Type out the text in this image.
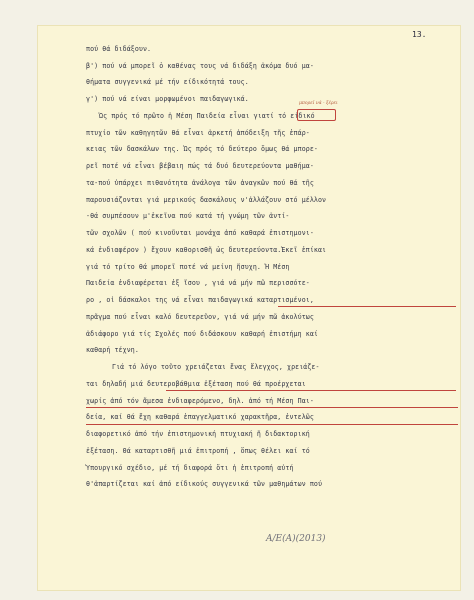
13.
πού θά διδάξουν.
β') πού νά μπορεῖ ὁ καθένας τους νά διδάξη ἀκόμα δυό μα-
θήματα συγγενικά μέ τήν είδικότητά τους.
γ') πού νά είναι μορφωμένοι παιδαγωγικά.
Ὡς πρός τό πρῶτο ἡ Μέση Παιδεία εἶναι γιατί τό είδικό
πτυχίο τῶν καθηγητῶν θά εἶναι ἀρκετή ἀπόδειξη τῆς ἐπάρ-
κειας τῶν δασκάλων της. Ὡς πρός τό δεύτερο ὅμως θά μπορε-
ρεῖ ποτέ νά εἶναι βέβαιη πώς τά δυό δευτερεύοντα μαθήμα-
τα-πού ὑπάρχει πιθανότητα ἀνάλογα τῶν ἀναγκῶν πού θά τῆς
παρουσιάζονται γιά μερικούς δασκάλους ν'ἀλλάζουν στό μέλλον
-θά συμπέσουν μ'ἐκεῖνα πού κατά τή γνώμη τῶν ἀντί-
τῶν σχολῶν ( πού κινοῦνται μονάχα ἀπό καθαρά ἐπιστημονι-
κά ἐνδιαφέρον ) ἔχουν καθορισθῆ ὡς δευτερεύοντα.Ἐκεῖ ἐπίκαι
γιά τό τρίτο θά μπορεῖ ποτέ νά μείνη ἥσυχη. Ἡ Μέση
Παιδεία ἐνδιαφέρεται ἐξ ἴσου , γιά νά μήν πῶ περισσότε-
ρο , οἱ δάσκαλοι της νά εἶναι παιδαγωγικά καταρτισμένοι,
πρᾶγμα πού εἶναι καλό δευτερεῦον, γιά νά μήν πῶ ἀκολύτως
ἀδιάφορο γιά τίς Σχολές πού διδάσκουν καθαρή ἐπιστήμη καί
καθαρή τέχνη.
Γιά τό λόγο τοῦτο χρειάζεται ἕνας ἔλεγχος, χρειάζε-
ται δηλαδή μιά δευτεροβάθμια ἐξέταση πού θά προέρχεται
χωρίς ἀπό τόν ἄμεσα ἐνδιαφερόμενο, δηλ. ἀπό τή Μέση Παι-
δεία, καί θά ἔχη καθαρά ἐπαγγελματικό χαρακτῆρα, ἐντελῶς
διαφορετικό ἀπό τήν ἐπιστημονική πτυχιακή ἤ διδακτορική
ἐξέταση. Θά καταρτισθῆ μιά ἐπιτροπή , ὅπως θέλει καί τό
Ὑπουργικό σχέδιο, μέ τή διαφορά ὅτι ἡ ἐπιτροπή αὐτή
θ'ἀπαρτίζεται καί ἀπό είδικούς συγγενικά τῶν μαθημάτων πού
μπορεῖ νά - ξέρει
Α/Ε(Α)(2013)
